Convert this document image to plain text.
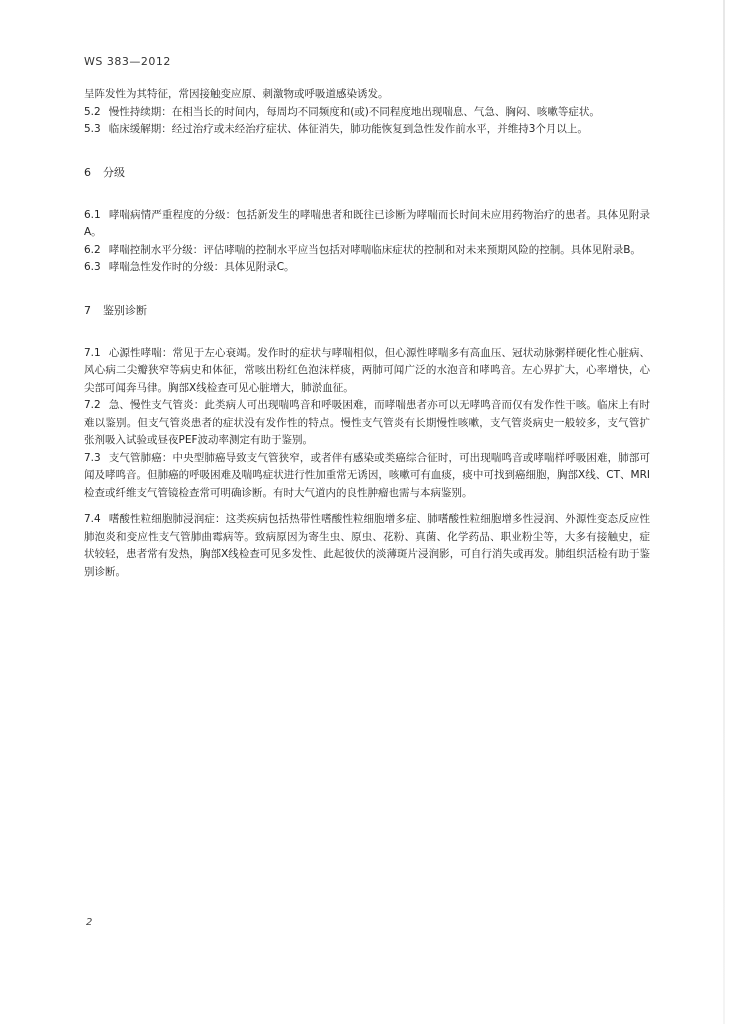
WS 383—2012

呈阵发性为其特征，常因接触变应原、刺激物或呼吸道感染诱发。

5.2 慢性持续期：在相当长的时间内，每周均不同频度和(或)不同程度地出现喘息、气急、胸闷、咳嗽等症状。

5.3 临床缓解期：经过治疗或未经治疗症状、体征消失，肺功能恢复到急性发作前水平，并维持3个月以上。

6 分级

6.1 哮喘病情严重程度的分级：包括新发生的哮喘患者和既往已诊断为哮喘而长时间未应用药物治疗的患者。具体见附录A。

6.2 哮喘控制水平分级：评估哮喘的控制水平应当包括对哮喘临床症状的控制和对未来预期风险的控制。具体见附录B。

6.3 哮喘急性发作时的分级：具体见附录C。

7 鉴别诊断

7.1 心源性哮喘：常见于左心衰竭。发作时的症状与哮喘相似，但心源性哮喘多有高血压、冠状动脉粥样硬化性心脏病、风心病二尖瓣狭窄等病史和体征，常咳出粉红色泡沫样痰，两肺可闻广泛的水泡音和哮鸣音。左心界扩大，心率增快，心尖部可闻奔马律。胸部X线检查可见心脏增大，肺淤血征。

7.2 急、慢性支气管炎：此类病人可出现喘鸣音和呼吸困难，而哮喘患者亦可以无哮鸣音而仅有发作性干咳。临床上有时难以鉴别。但支气管炎患者的症状没有发作性的特点。慢性支气管炎有长期慢性咳嗽，支气管炎病史一般较多，支气管扩张剂吸入试验或昼夜PEF波动率测定有助于鉴别。

7.3 支气管肺癌：中央型肺癌导致支气管狭窄，或者伴有感染或类癌综合征时，可出现喘鸣音或哮喘样呼吸困难，肺部可闻及哮鸣音。但肺癌的呼吸困难及喘鸣症状进行性加重常无诱因，咳嗽可有血痰，痰中可找到癌细胞，胸部X线、CT、MRI检查或纤维支气管镜检查常可明确诊断。有时大气道内的良性肿瘤也需与本病鉴别。

7.4 嗜酸性粒细胞肺浸润症：这类疾病包括热带性嗜酸性粒细胞增多症、肺嗜酸性粒细胞增多性浸润、外源性变态反应性肺泡炎和变应性支气管肺曲霉病等。致病原因为寄生虫、原虫、花粉、真菌、化学药品、职业粉尘等，大多有接触史，症状较轻，患者常有发热，胸部X线检查可见多发性、此起彼伏的淡薄斑片浸润影，可自行消失或再发。肺组织活检有助于鉴别诊断。

2
